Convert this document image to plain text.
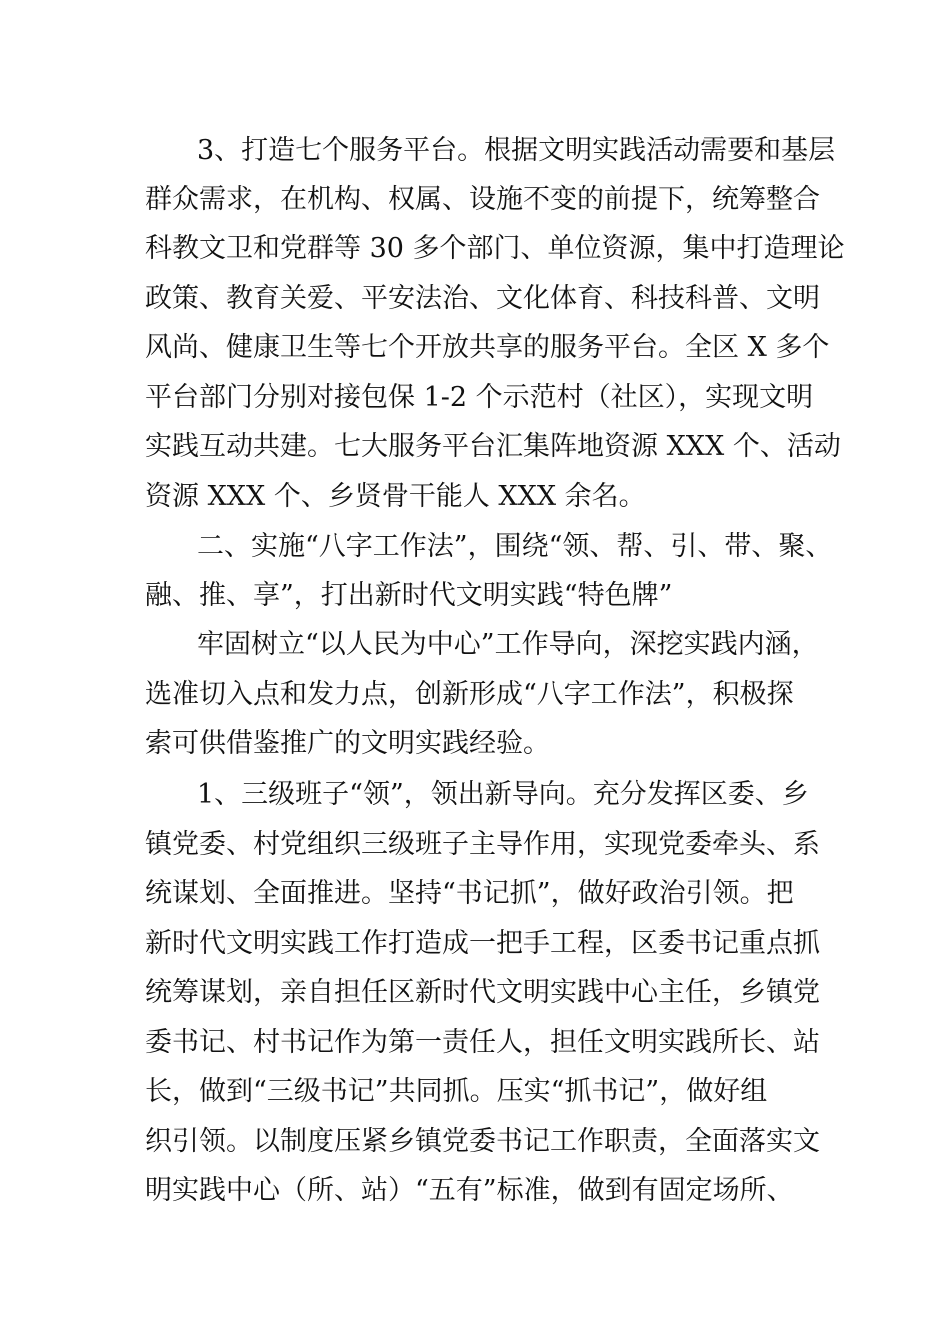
3、打造七个服务平台。根据文明实践活动需要和基层
群众需求，在机构、权属、设施不变的前提下，统筹整合
科教文卫和党群等 30 多个部门、单位资源，集中打造理论
政策、教育关爱、平安法治、文化体育、科技科普、文明
风尚、健康卫生等七个开放共享的服务平台。全区 X 多个
平台部门分别对接包保 1-2 个示范村（社区），实现文明
实践互动共建。七大服务平台汇集阵地资源 XXX 个、活动
资源 XXX 个、乡贤骨干能人 XXX 余名。
二、实施“八字工作法”，围绕“领、帮、引、带、聚、
融、推、享”，打出新时代文明实践“特色牌”
牢固树立“以人民为中心”工作导向，深挖实践内涵，
选准切入点和发力点，创新形成“八字工作法”，积极探
索可供借鉴推广的文明实践经验。
1、三级班子“领”，领出新导向。充分发挥区委、乡
镇党委、村党组织三级班子主导作用，实现党委牵头、系
统谋划、全面推进。坚持“书记抓”，做好政治引领。把
新时代文明实践工作打造成一把手工程，区委书记重点抓
统筹谋划，亲自担任区新时代文明实践中心主任，乡镇党
委书记、村书记作为第一责任人，担任文明实践所长、站
长，做到“三级书记”共同抓。压实“抓书记”，做好组
织引领。以制度压紧乡镇党委书记工作职责，全面落实文
明实践中心（所、站）“五有”标准，做到有固定场所、
